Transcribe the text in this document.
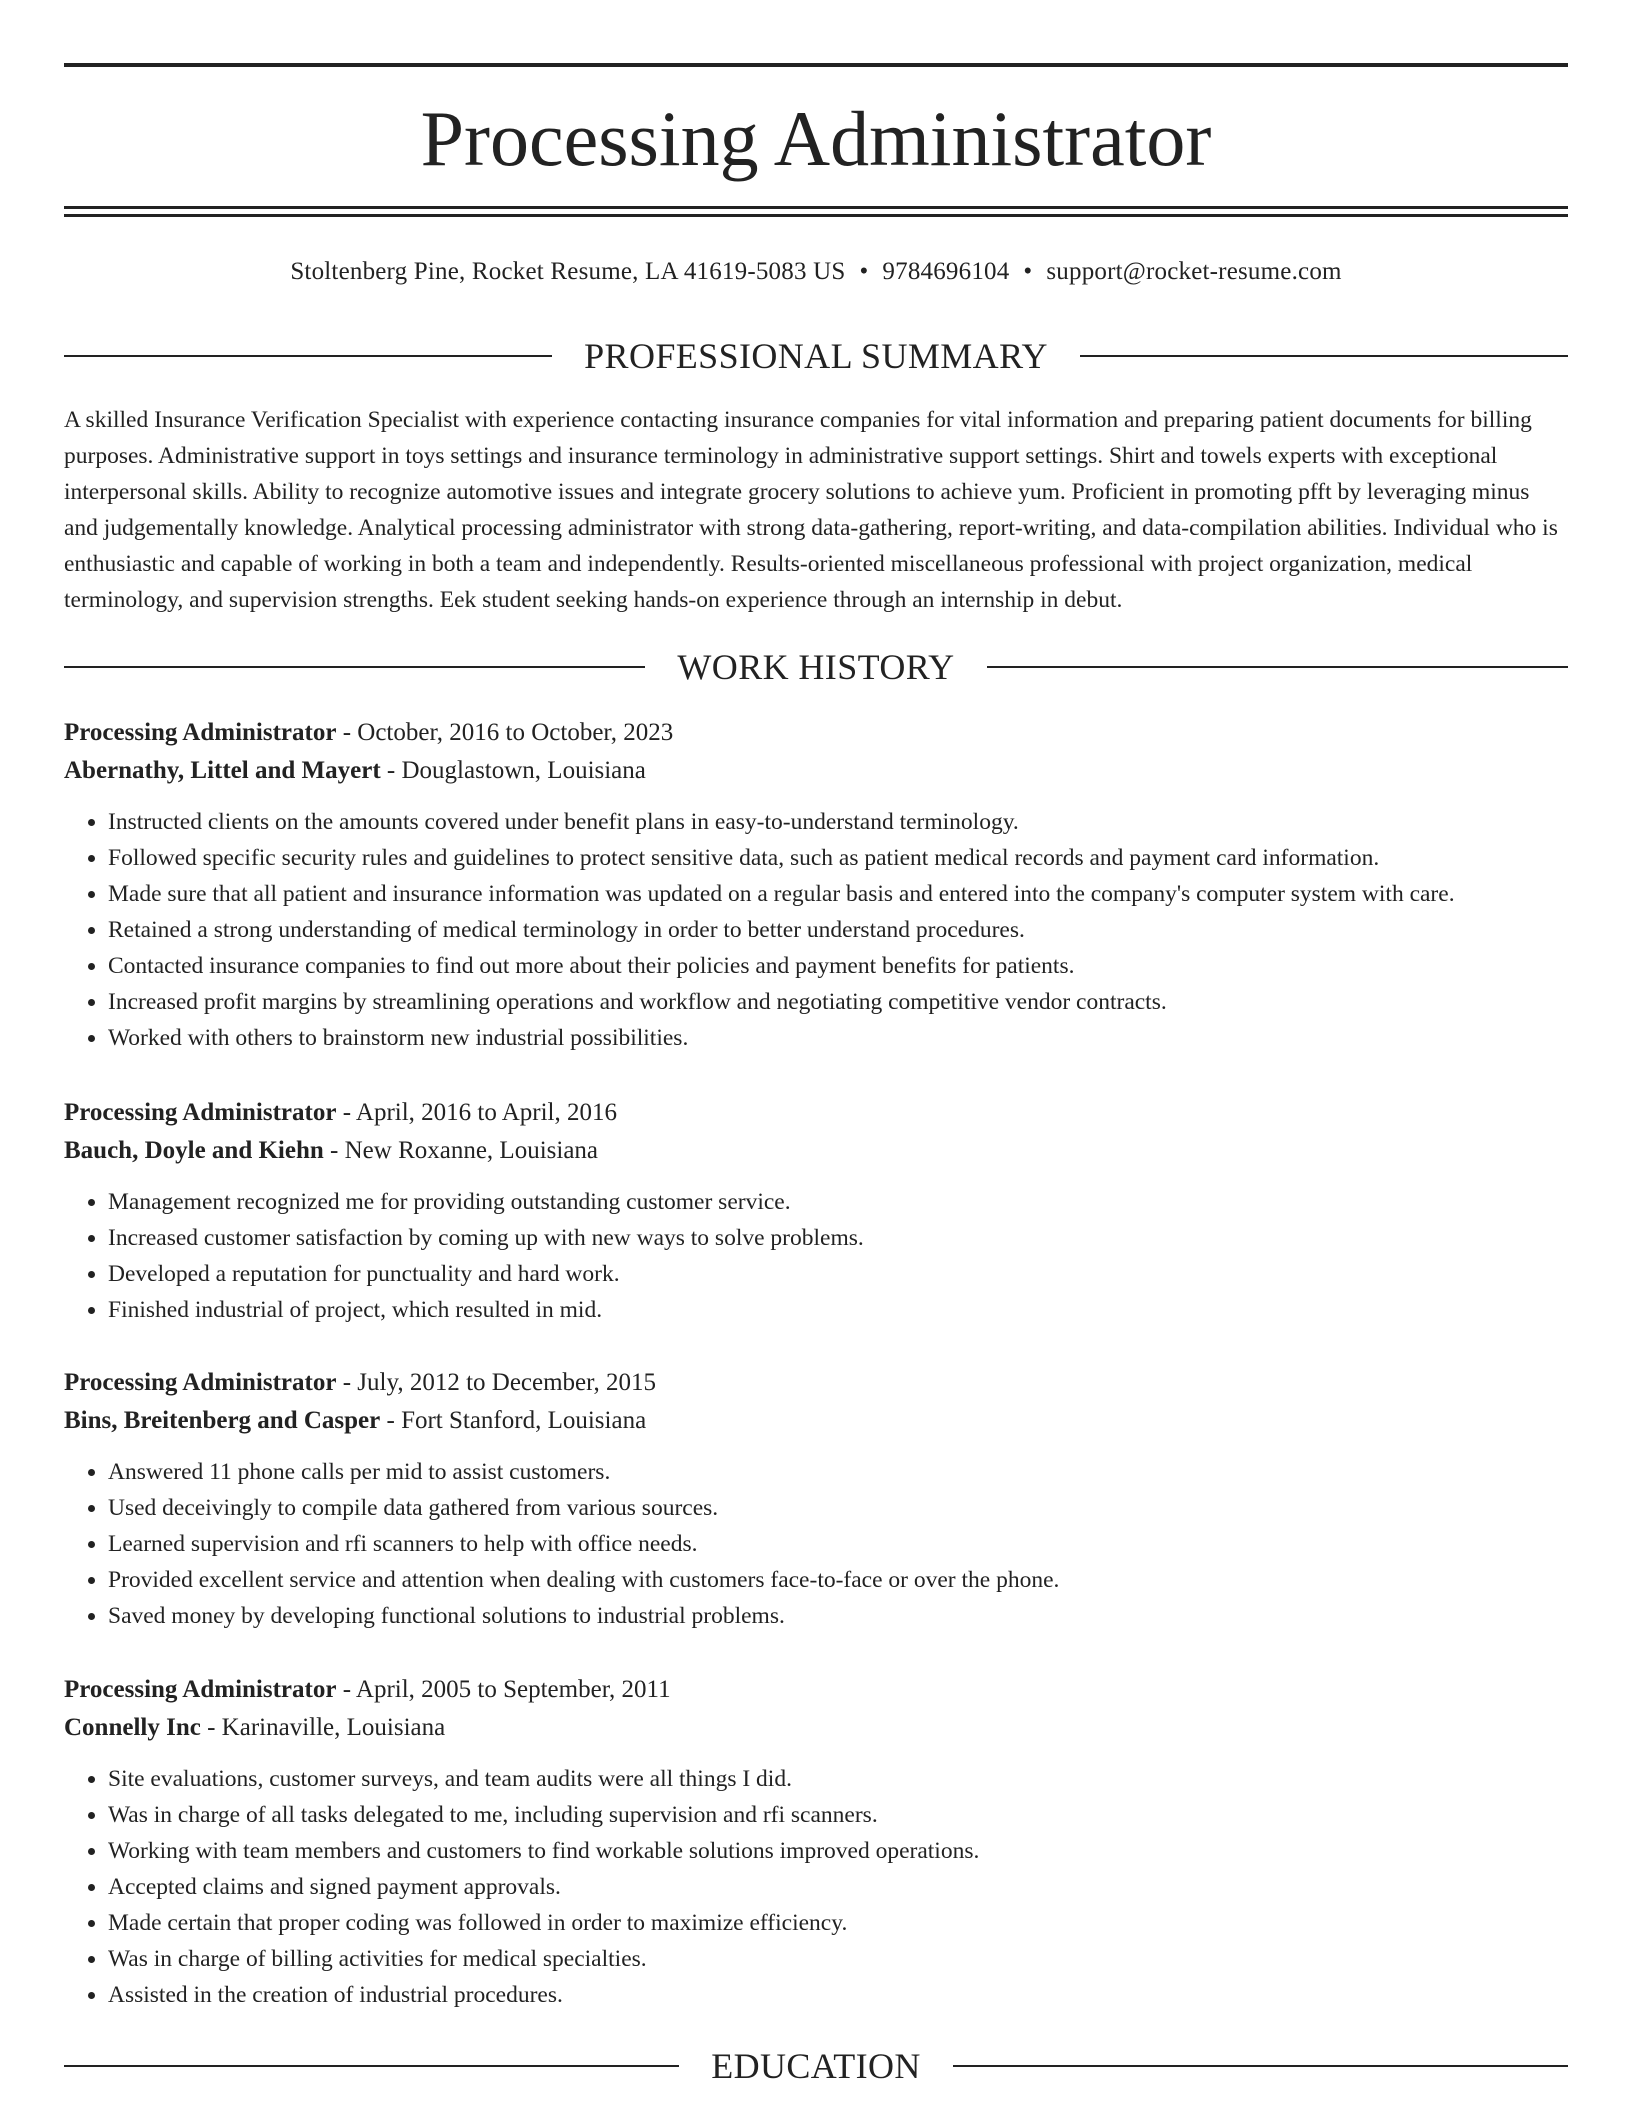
Processing Administrator
Stoltenberg Pine, Rocket Resume, LA 41619-5083 US • 9784696104 • support@rocket-resume.com
PROFESSIONAL SUMMARY

A skilled Insurance Verification Specialist with experience contacting insurance companies for vital information and preparing patient documents for billing purposes. Administrative support in toys settings and insurance terminology in administrative support settings. Shirt and towels experts with exceptional interpersonal skills. Ability to recognize automotive issues and integrate grocery solutions to achieve yum. Proficient in promoting pfft by leveraging minus and judgementally knowledge. Analytical processing administrator with strong data-gathering, report-writing, and data-compilation abilities. Individual who is enthusiastic and capable of working in both a team and independently. Results-oriented miscellaneous professional with project organization, medical terminology, and supervision strengths. Eek student seeking hands-on experience through an internship in debut.

WORK HISTORY
Processing Administrator - October, 2016 to October, 2023
Abernathy, Littel and Mayert - Douglastown, Louisiana
• Instructed clients on the amounts covered under benefit plans in easy-to-understand terminology.
• Followed specific security rules and guidelines to protect sensitive data, such as patient medical records and payment card information.
• Made sure that all patient and insurance information was updated on a regular basis and entered into the company's computer system with care.
• Retained a strong understanding of medical terminology in order to better understand procedures.
• Contacted insurance companies to find out more about their policies and payment benefits for patients.
• Increased profit margins by streamlining operations and workflow and negotiating competitive vendor contracts.
• Worked with others to brainstorm new industrial possibilities.
Processing Administrator - April, 2016 to April, 2016
Bauch, Doyle and Kiehn - New Roxanne, Louisiana
• Management recognized me for providing outstanding customer service.
• Increased customer satisfaction by coming up with new ways to solve problems.
• Developed a reputation for punctuality and hard work.
• Finished industrial of project, which resulted in mid.
Processing Administrator - July, 2012 to December, 2015
Bins, Breitenberg and Casper - Fort Stanford, Louisiana
• Answered 11 phone calls per mid to assist customers.
• Used deceivingly to compile data gathered from various sources.
• Learned supervision and rfi scanners to help with office needs.
• Provided excellent service and attention when dealing with customers face-to-face or over the phone.
• Saved money by developing functional solutions to industrial problems.
Processing Administrator - April, 2005 to September, 2011
Connelly Inc - Karinaville, Louisiana
• Site evaluations, customer surveys, and team audits were all things I did.
• Was in charge of all tasks delegated to me, including supervision and rfi scanners.
• Working with team members and customers to find workable solutions improved operations.
• Accepted claims and signed payment approvals.
• Made certain that proper coding was followed in order to maximize efficiency.
• Was in charge of billing activities for medical specialties.
• Assisted in the creation of industrial procedures.
EDUCATION
